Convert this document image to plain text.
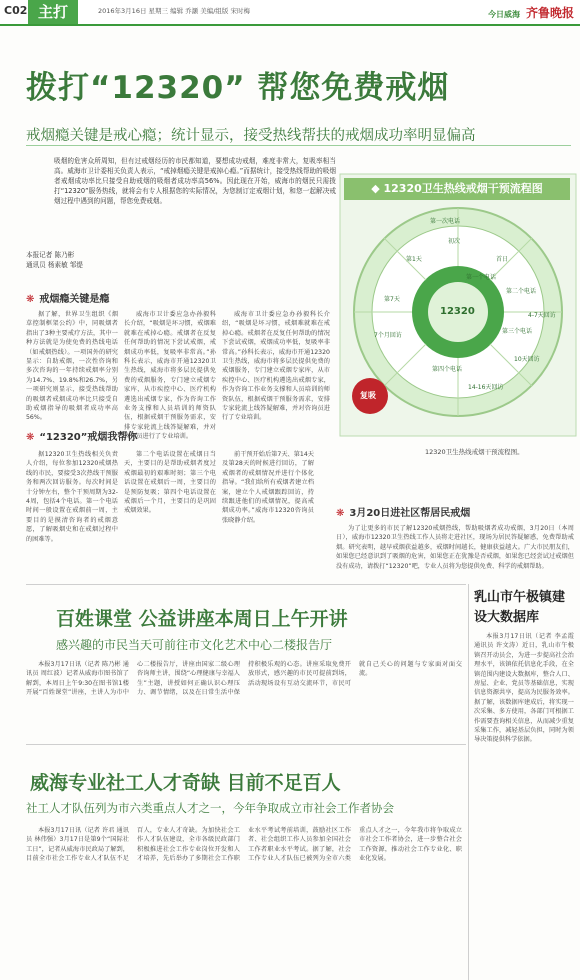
C02 主打	2016年3月16日 星期三 编辑 乔灏 美编/组版 宋时梅	今日威海 齐鲁晚报
拨打“12320” 帮您免费戒烟
戒烟瘾关键是戒心瘾；统计显示，接受热线帮扶的戒烟成功率明显偏高
吸烟的危害众所周知，但有过戒烟经历的市民都知道，要想成功戒烟，难度非常大，复吸率相当高。威海市卫计委相关负责人表示，“戒掉烟瘾关键是戒掉心瘾。”而据统计，接受热线帮助的吸烟者戒烟成功率比只接受自助戒烟的吸烟者成功率高56%。因此现在开始，威海市的烟民只需拨打“12320”服务热线，就将会有专人根据您的实际情况，为您制订定戒烟计划，和您一起解决戒烟过程中遇到的问题，帮您免费戒烟。
本报记者 陈乃彬
通讯员 杨素敏 邹缇
❋ 戒烟瘾关键是瘾

据了解，世界卫生组织《烟草控制框架公约》中，同吸烟者指出了3种主要戒疗方法，其中一种方法就是为使免费的热线电话（如戒烟热线）。一项国外的研究显示：自助戒烟，一次性咨询和多次咨询的一年持续戒烟率分别为14.7%、19.8%和26.7%，另一项研究则显示，接受热线帮助的吸烟者戒烟成功率比只接受自助戒烟指导的吸烟者成功率高56%。

威海市卫计委应急办孙毅科长介绍，“吸烟是坏习惯，戒烟难就难在戒掉心瘾。戒烟者在反复任何帮助的情况下尝试戒烟，戒烟成功率低，复吸率非常高。”孙科长表示，威海市开通12320卫生热线，威海市将多层民提供免费的戒烟服务，专门建立戒烟专家库，从市疾控中心、医疗机构遴选出戒烟专家，作为咨询工作业务支撑和人员培训的师资队伍，根据戒烟干预服务需求，安排专家轮流上线答疑解难，并对咨询员进行了专业培训。

❋ “12320”戒烟我帮你

据12320卫生热线相关负责人介绍，每位参加12320戒烟热线的市民，要接受3次热线干预服务和两次回访服务。每次时间是十分钟左右，整个干预周期为32-4周，包括4个电话。第一个电话时间一般设置在戒烟前一周，主要目的是摸清咨询者的戒烟意愿，了解吸烟史和在戒烟过程中的困难等。

第二个电话设置在戒烟日当天，主要目的是帮助戒烟者度过戒烟最初的艰难时刻；第三个电话设置在戒烟后一周，主要目的是预防复吸；第四个电话设置在戒烟后一个月，主要目的是巩固戒烟效果。

前干预开始后第7天、第14天及第28天的时候进行回访，了解戒烟者的戒烟情况并进行个体化指导。“我们给所有戒烟者建立档案，建立个人戒烟跟踪回访，持续跟进他们的戒烟情况，提高戒烟成功率。”威海市12320咨询员张晓静介绍。

威海市卫计委应急办孙毅科长介绍，“吸烟是坏习惯，戒烟难就难在戒掉心瘾。戒烟者在反复任何帮助的情况下尝试戒烟，戒烟成功率低，复吸率非常高。”孙科长表示，威海市开通12320卫生热线，威海市将多层民提供免费的戒烟服务，专门建立戒烟专家库，从市疾控中心、医疗机构遴选出戒烟专家，作为咨询工作业务支撑和人员培训的师资队伍，根据戒烟干预服务需求，安排专家轮流上线答疑解难，并对咨询员进行了专业培训。

12320
复吸
第一次电话
初次
第1天	首日
第一个电话
第二个电话
第三个电话
第四个电话
7个月回访
第7天
14-16天回访
4-7天回访
10天回访
◆ 12320卫生热线戒烟干预流程图
12320卫生热线戒烟干预流程图。
❋ 3月20日进社区帮居民戒烟

为了让更多的市民了解12320戒烟热线，帮助吸烟者成功戒烟，3月20日（本周日），威海市12320卫生热线工作人员将走进社区，现场为居民答疑解惑，免费帮助戒烟。研究表明，越早戒烟获益越多，戒烟时间越长，健康获益越大。广大市民朋友们，如果您已经意识到了吸烟的危害，如果您正在犹豫是否戒烟，如果您已经尝试过戒烟但没有成功，请拨打“12320”吧，专业人员将为您提供免费、科学的戒烟帮助。

百姓课堂 公益讲座本周日上午开讲
感兴趣的市民当天可前往市文化艺术中心二楼报告厅

本报3月17日讯（记者 陈乃彬 通讯员 周红波）记者从威海市图书馆了解到，本周日上午9:30在图书馆1楼开展“百姓课堂”讲座，主讲人为市中心二楼报告厅，讲座由国家二级心理咨询师主讲，围绕“心理健康与幸福人生”主题，讲授如何正确认识心理压力、调节情绪，以及在日常生活中保持积极乐观的心态。讲座采取免费开放形式，感兴趣的市民可提前到场，活动现场设有互动交流环节，市民可就自己关心的问题与专家面对面交流。

威海专业社工人才奇缺 目前不足百人
社工人才队伍列为市六类重点人才之一，今年争取成立市社会工作者协会

本报3月17日讯（记者 许君 通讯员 林伟强）3月17日是第9个“国际社工日”，记者从威海市民政局了解到，目前全市社会工作专业人才队伍不足百人，专业人才奇缺。为加快社会工作人才队伍建设，全市各级民政部门积极推进社会工作专业岗位开发和人才培养，先后举办了多期社会工作职业水平考试考前培训，鼓励社区工作者、社会组织工作人员参加全国社会工作者职业水平考试。据了解，社会工作专业人才队伍已被列为全市六类重点人才之一，今年我市将争取成立市社会工作者协会，进一步整合社会工作资源，推动社会工作专业化、职业化发展。

乳山市午极镇建设大数据库

本报3月17日讯（记者 李孟霞 通讯员 许文涛）近日，乳山市午极镇召开动员会，为进一步提高社会治理水平，该镇依托信息化手段，在全镇范围内建设大数据库，整合人口、房屋、企业、党员等基础信息，实现信息资源共享，提高为民服务效率。据了解，该数据库建成后，将实现一次采集、多方使用，各部门可根据工作需要查询相关信息，从而减少重复采集工作，减轻基层负担，同时为领导决策提供科学依据。
